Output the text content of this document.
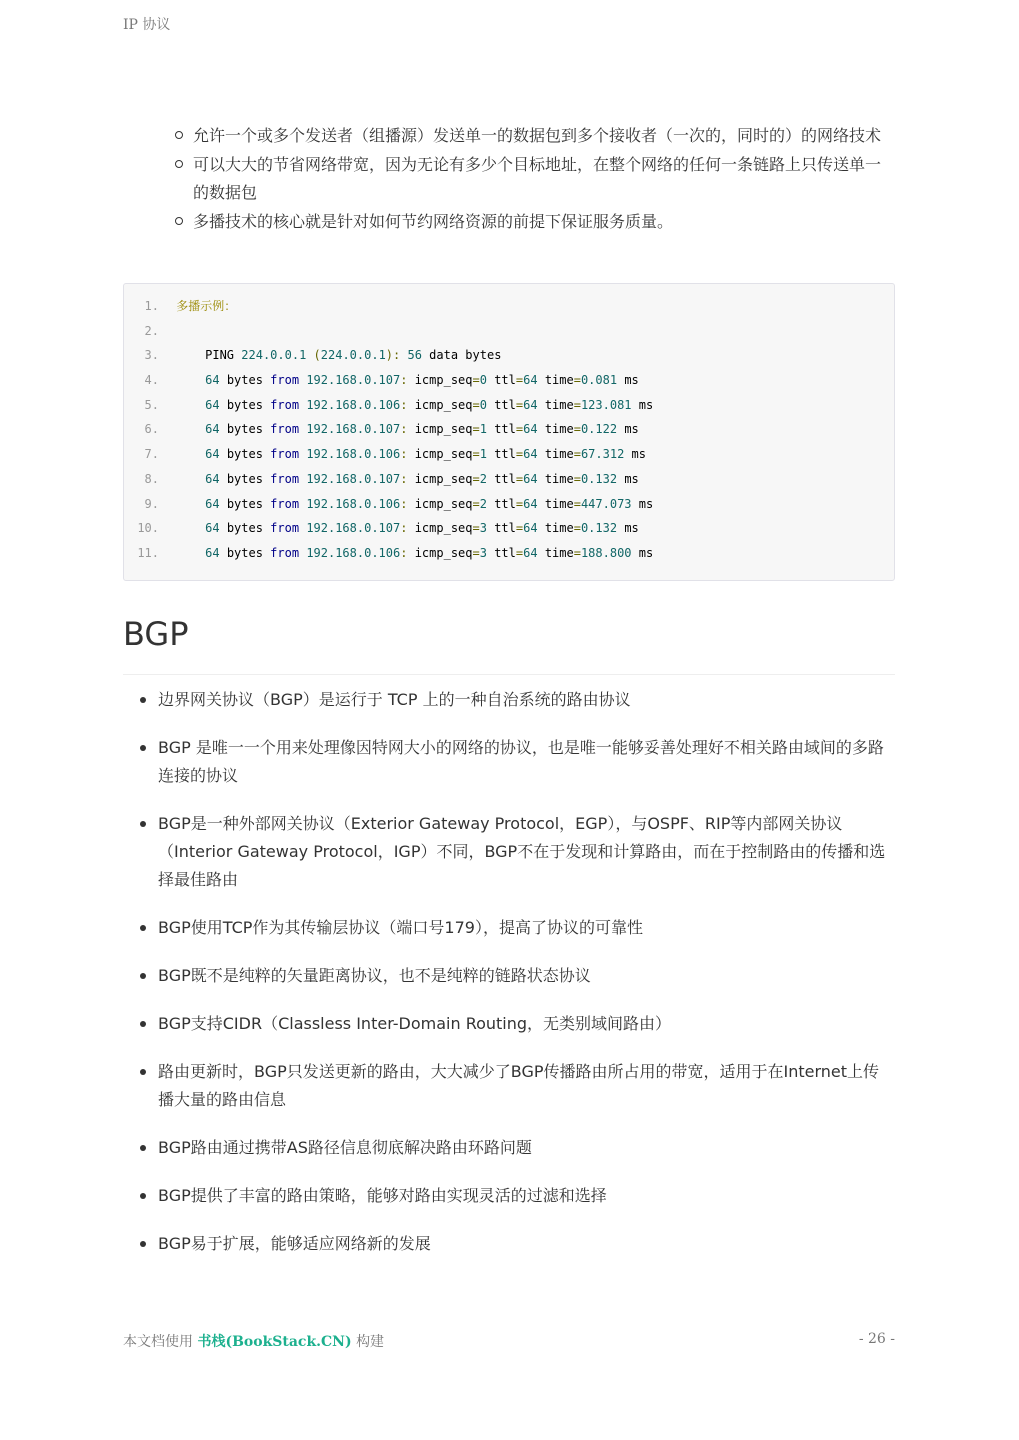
IP 协议
允许一个或多个发送者（组播源）发送单一的数据包到多个接收者（一次的，同时的）的网络技术
可以大大的节省网络带宽，因为无论有多少个目标地址，在整个网络的任何一条链路上只传送单一的数据包
多播技术的核心就是针对如何节约网络资源的前提下保证服务质量。
1. 多播示例：
2.
3.	PING 224.0.0.1 (224.0.0.1): 56 data bytes
4.	64 bytes from 192.168.0.107: icmp_seq=0 ttl=64 time=0.081 ms
5.	64 bytes from 192.168.0.106: icmp_seq=0 ttl=64 time=123.081 ms
6.	64 bytes from 192.168.0.107: icmp_seq=1 ttl=64 time=0.122 ms
7.	64 bytes from 192.168.0.106: icmp_seq=1 ttl=64 time=67.312 ms
8.	64 bytes from 192.168.0.107: icmp_seq=2 ttl=64 time=0.132 ms
9.	64 bytes from 192.168.0.106: icmp_seq=2 ttl=64 time=447.073 ms
10.	64 bytes from 192.168.0.107: icmp_seq=3 ttl=64 time=0.132 ms
11.	64 bytes from 192.168.0.106: icmp_seq=3 ttl=64 time=188.800 ms
BGP
边界网关协议（BGP）是运行于 TCP 上的一种自治系统的路由协议
BGP 是唯一一个用来处理像因特网大小的网络的协议，也是唯一能够妥善处理好不相关路由域间的多路连接的协议
BGP是一种外部网关协议（Exterior Gateway Protocol，EGP），与OSPF、RIP等内部网关协议（Interior Gateway Protocol，IGP）不同，BGP不在于发现和计算路由，而在于控制路由的传播和选择最佳路由
BGP使用TCP作为其传输层协议（端口号179），提高了协议的可靠性
BGP既不是纯粹的矢量距离协议，也不是纯粹的链路状态协议
BGP支持CIDR（Classless Inter-Domain Routing，无类别域间路由）
路由更新时，BGP只发送更新的路由，大大减少了BGP传播路由所占用的带宽，适用于在Internet上传播大量的路由信息
BGP路由通过携带AS路径信息彻底解决路由环路问题
BGP提供了丰富的路由策略，能够对路由实现灵活的过滤和选择
BGP易于扩展，能够适应网络新的发展
本文档使用 书栈(BookStack.CN) 构建	- 26 -
